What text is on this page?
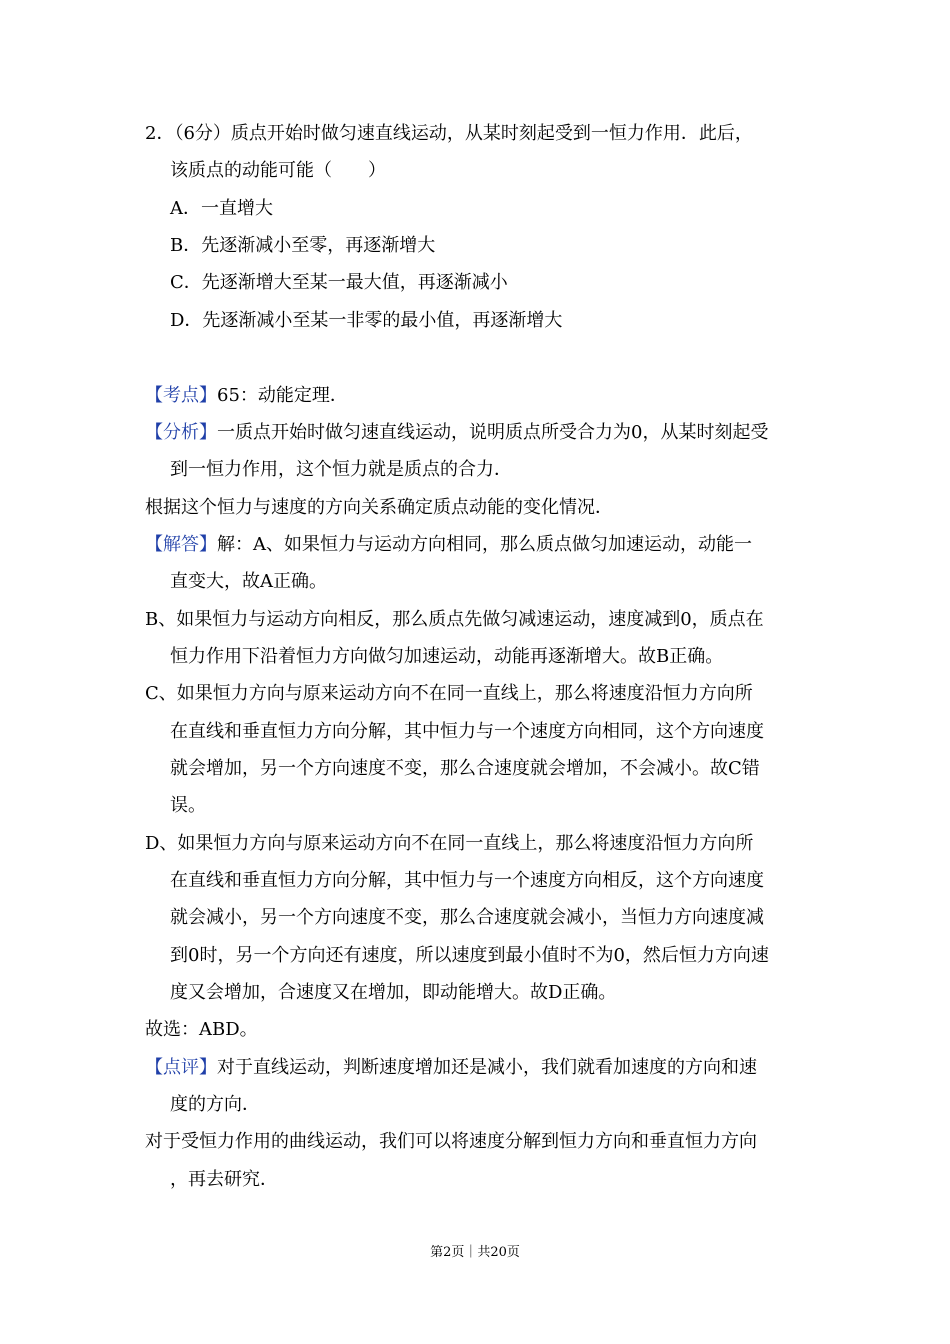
2．（6分）质点开始时做匀速直线运动，从某时刻起受到一恒力作用．此后，
该质点的动能可能（　　）
A．一直增大
B．先逐渐减小至零，再逐渐增大
C．先逐渐增大至某一最大值，再逐渐减小
D．先逐渐减小至某一非零的最小值，再逐渐增大
【考点】65：动能定理．
【分析】一质点开始时做匀速直线运动，说明质点所受合力为0，从某时刻起受
到一恒力作用，这个恒力就是质点的合力．
根据这个恒力与速度的方向关系确定质点动能的变化情况．
【解答】解：A、如果恒力与运动方向相同，那么质点做匀加速运动，动能一
直变大，故A正确。
B、如果恒力与运动方向相反，那么质点先做匀减速运动，速度减到0，质点在
恒力作用下沿着恒力方向做匀加速运动，动能再逐渐增大。故B正确。
C、如果恒力方向与原来运动方向不在同一直线上，那么将速度沿恒力方向所
在直线和垂直恒力方向分解，其中恒力与一个速度方向相同，这个方向速度
就会增加，另一个方向速度不变，那么合速度就会增加，不会减小。故C错
误。
D、如果恒力方向与原来运动方向不在同一直线上，那么将速度沿恒力方向所
在直线和垂直恒力方向分解，其中恒力与一个速度方向相反，这个方向速度
就会减小，另一个方向速度不变，那么合速度就会减小，当恒力方向速度减
到0时，另一个方向还有速度，所以速度到最小值时不为0，然后恒力方向速
度又会增加，合速度又在增加，即动能增大。故D正确。
故选：ABD。
【点评】对于直线运动，判断速度增加还是减小，我们就看加速度的方向和速
度的方向．
对于受恒力作用的曲线运动，我们可以将速度分解到恒力方向和垂直恒力方向
，再去研究．
第2页｜共20页
